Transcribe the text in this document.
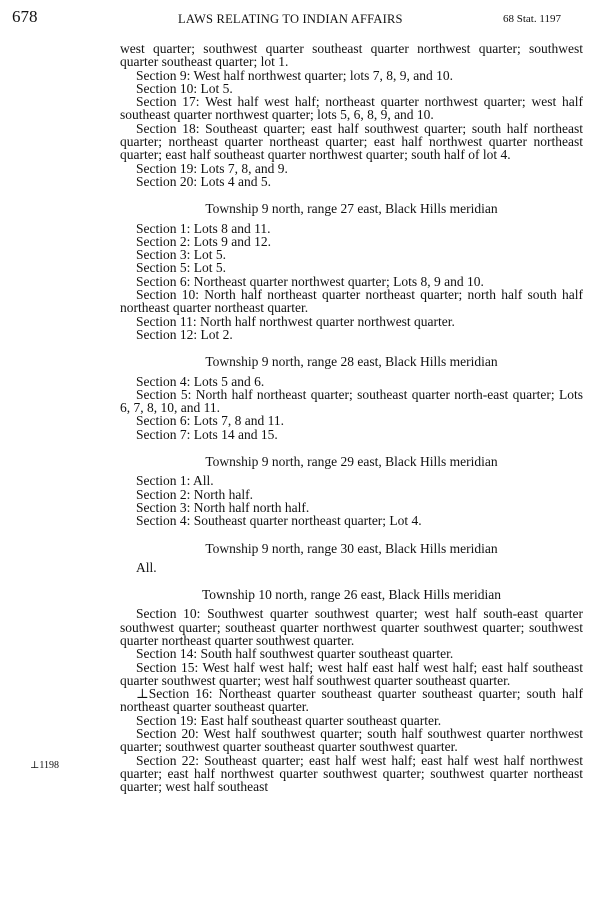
678	LAWS RELATING TO INDIAN AFFAIRS	68 Stat. 1197
⊥1198

west quarter; southwest quarter southeast quarter northwest quarter; southwest quarter southeast quarter; lot 1.

Section 9: West half northwest quarter; lots 7, 8, 9, and 10.

Section 10: Lot 5.

Section 17: West half west half; northeast quarter northwest quarter; west half southeast quarter northwest quarter; lots 5, 6, 8, 9, and 10.

Section 18: Southeast quarter; east half southwest quarter; south half northeast quarter; northeast quarter northeast quarter; east half northwest quarter northeast quarter; east half southeast quarter northwest quarter; south half of lot 4.

Section 19: Lots 7, 8, and 9.

Section 20: Lots 4 and 5.

Township 9 north, range 27 east, Black Hills meridian

Section 1: Lots 8 and 11.

Section 2: Lots 9 and 12.

Section 3: Lot 5.

Section 5: Lot 5.

Section 6: Northeast quarter northwest quarter; Lots 8, 9 and 10.

Section 10: North half northeast quarter northeast quarter; north half south half northeast quarter northeast quarter.

Section 11: North half northwest quarter northwest quarter.

Section 12: Lot 2.

Township 9 north, range 28 east, Black Hills meridian

Section 4: Lots 5 and 6.

Section 5: North half northeast quarter; southeast quarter north-east quarter; Lots 6, 7, 8, 10, and 11.

Section 6: Lots 7, 8 and 11.

Section 7: Lots 14 and 15.

Township 9 north, range 29 east, Black Hills meridian

Section 1: All.

Section 2: North half.

Section 3: North half north half.

Section 4: Southeast quarter northeast quarter; Lot 4.

Township 9 north, range 30 east, Black Hills meridian

All.

Township 10 north, range 26 east, Black Hills meridian

Section 10: Southwest quarter southwest quarter; west half south-east quarter southwest quarter; southeast quarter northwest quarter southwest quarter; southwest quarter northeast quarter southwest quarter.

Section 14: South half southwest quarter southeast quarter.

Section 15: West half west half; west half east half west half; east half southeast quarter southwest quarter; west half southwest quarter southeast quarter.

⊥Section 16: Northeast quarter southeast quarter southeast quarter; south half northeast quarter southeast quarter.

Section 19: East half southeast quarter southeast quarter.

Section 20: West half southwest quarter; south half southwest quarter northwest quarter; southwest quarter southeast quarter southwest quarter.

Section 22: Southeast quarter; east half west half; east half west half northwest quarter; east half northwest quarter southwest quarter; southwest quarter northeast quarter; west half southeast
